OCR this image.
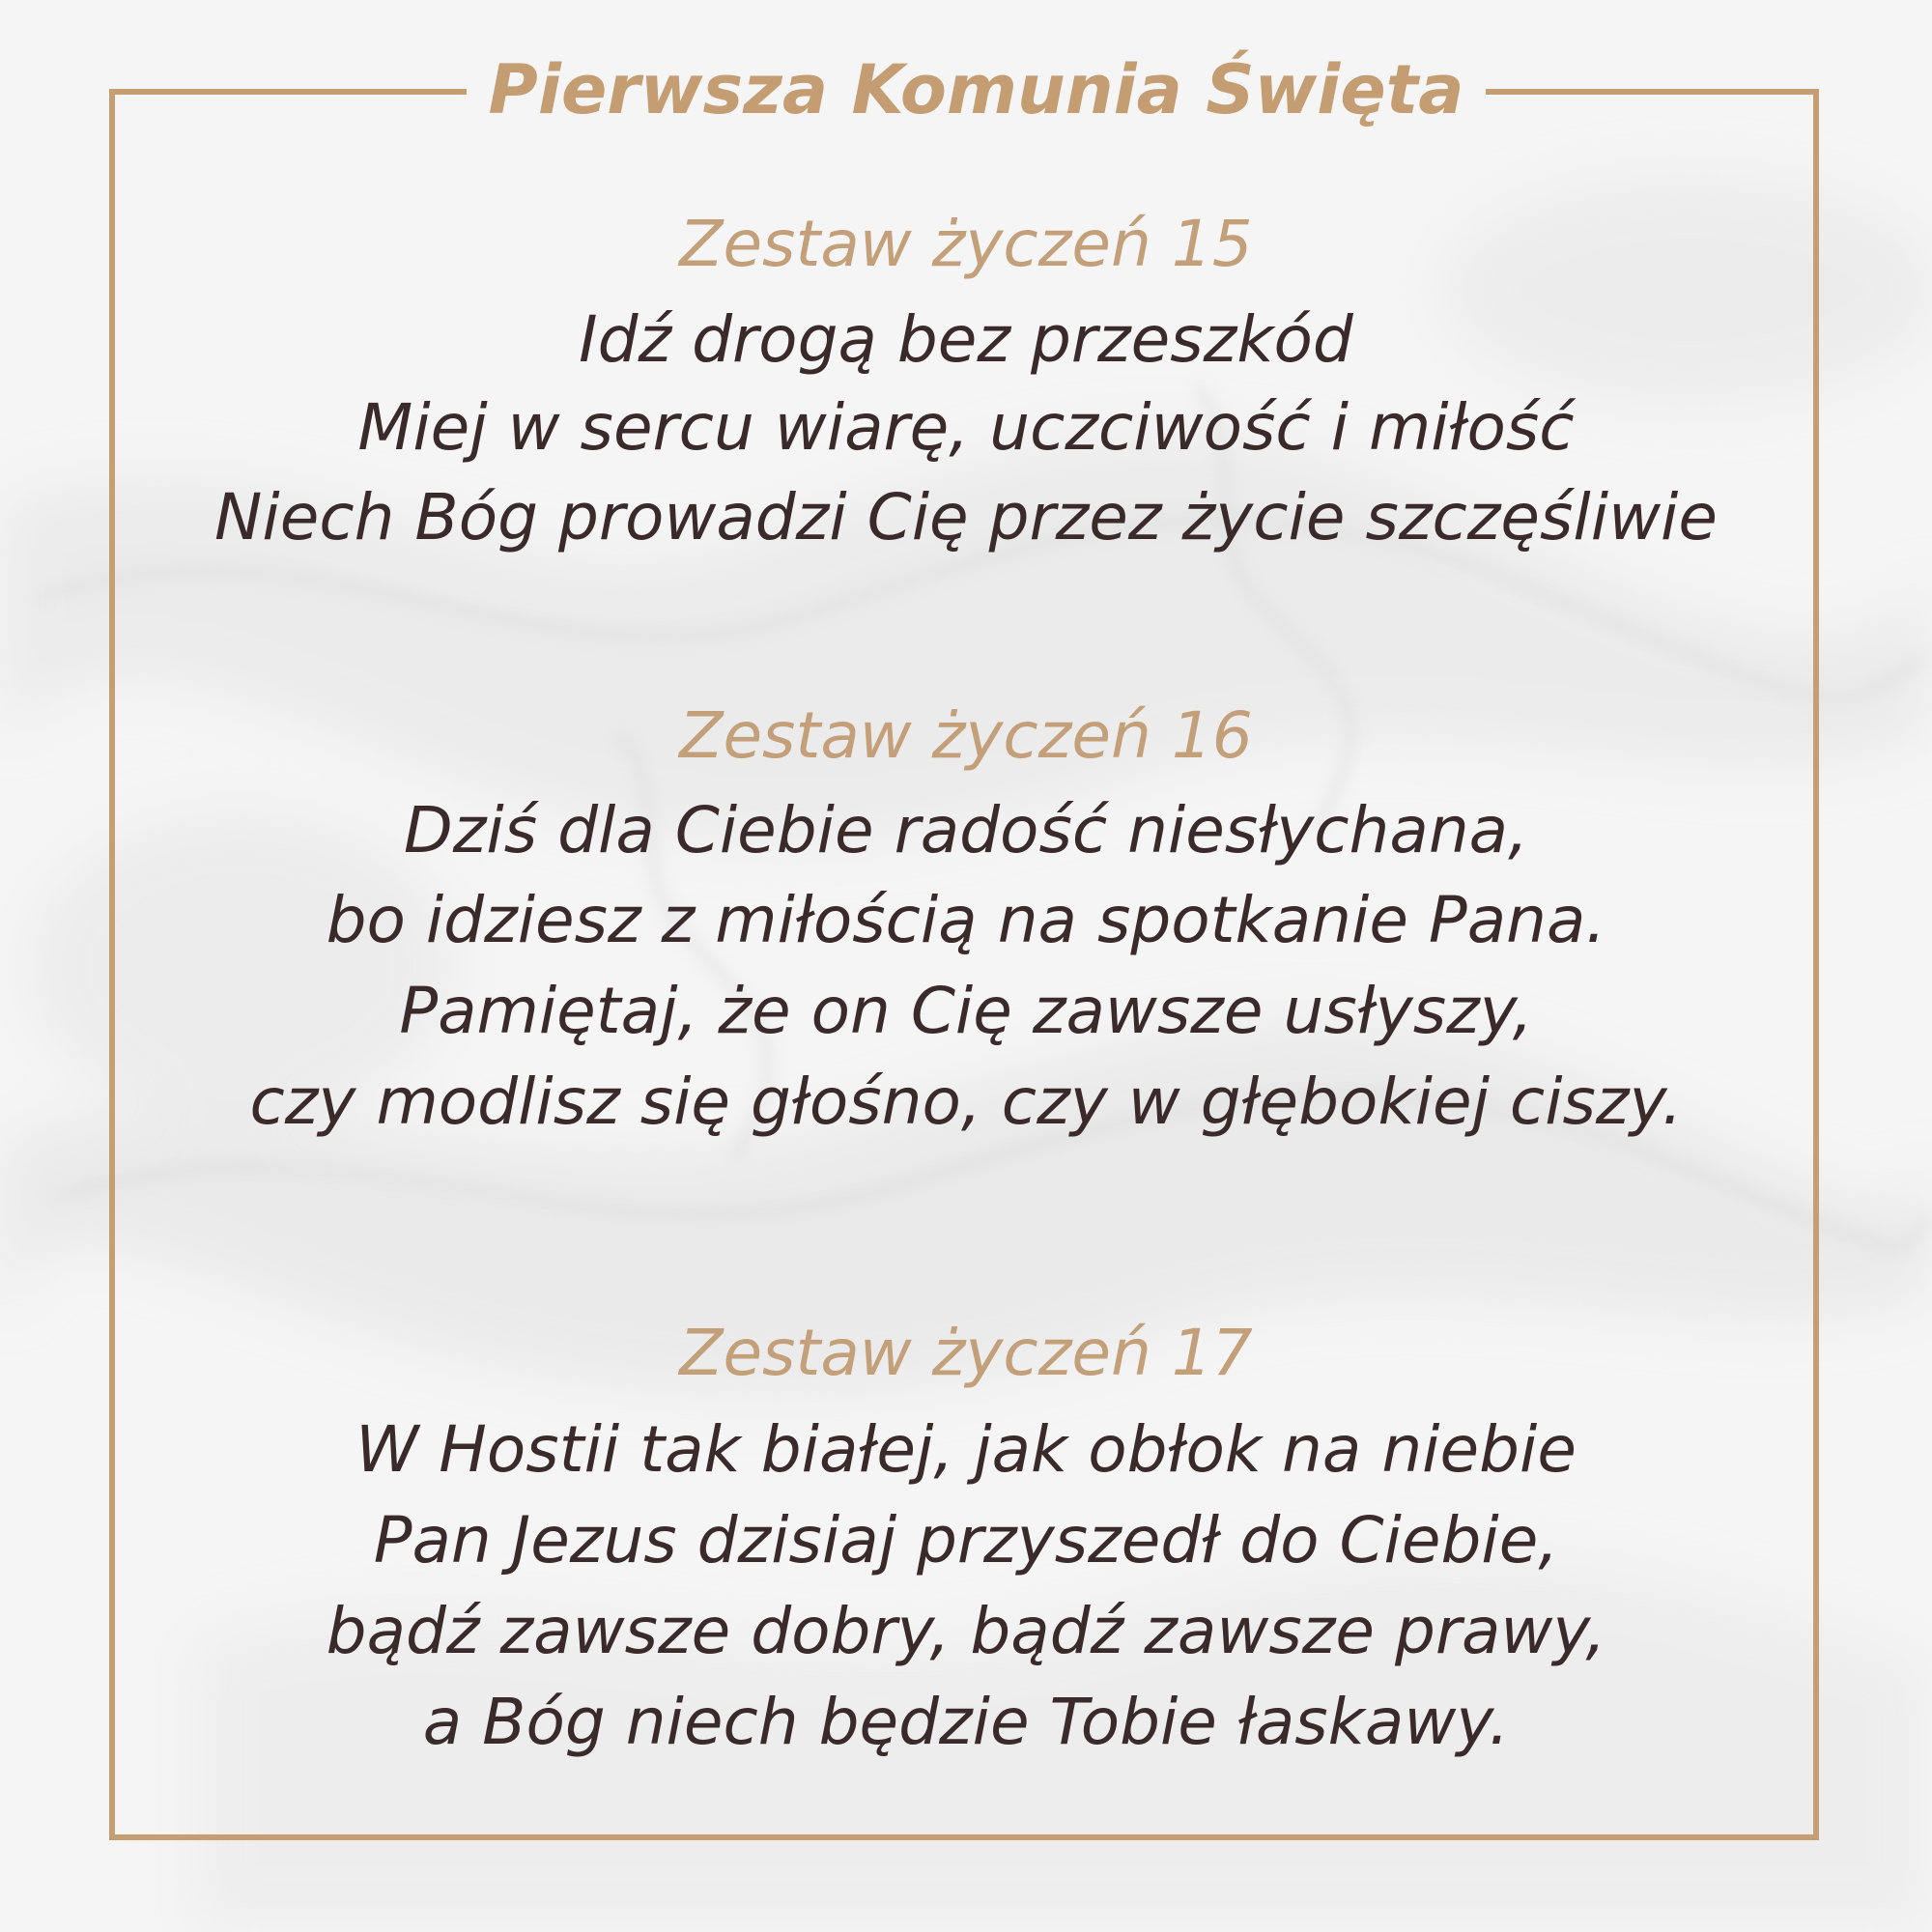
Pierwsza Komunia Święta
Zestaw życzeń 15
Idź drogą bez przeszkód
Miej w sercu wiarę, uczciwość i miłość
Niech Bóg prowadzi Cię przez życie szczęśliwie
Zestaw życzeń 16
Dziś dla Ciebie radość niesłychana,
bo idziesz z miłością na spotkanie Pana.
Pamiętaj, że on Cię zawsze usłyszy,
czy modlisz się głośno, czy w głębokiej ciszy.
Zestaw życzeń 17
W Hostii tak białej, jak obłok na niebie
Pan Jezus dzisiaj przyszedł do Ciebie,
bądź zawsze dobry, bądź zawsze prawy,
a Bóg niech będzie Tobie łaskawy.
